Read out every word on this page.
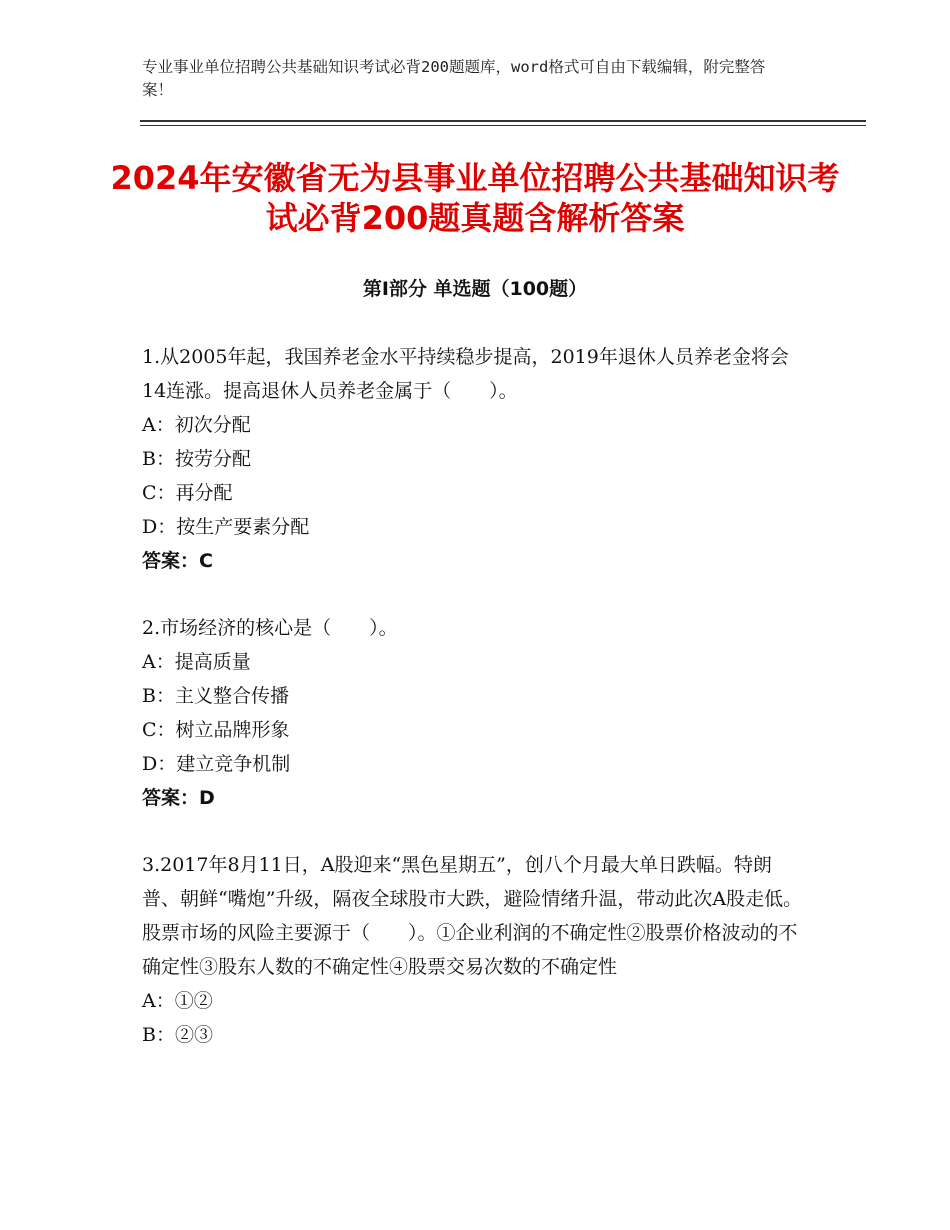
专业事业单位招聘公共基础知识考试必背200题题库，word格式可自由下载编辑，附完整答案！
2024年安徽省无为县事业单位招聘公共基础知识考试必背200题真题含解析答案
第Ⅰ部分 单选题（100题）

1.从2005年起，我国养老金水平持续稳步提高，2019年退休人员养老金将会14连涨。提高退休人员养老金属于（　　）。

A：初次分配

B：按劳分配

C：再分配

D：按生产要素分配

答案：C

2.市场经济的核心是（　　）。

A：提高质量

B：主义整合传播

C：树立品牌形象

D：建立竞争机制

答案：D

3.2017年8月11日，A股迎来“黑色星期五”，创八个月最大单日跌幅。特朗普、朝鲜“嘴炮”升级，隔夜全球股市大跌，避险情绪升温，带动此次A股走低。股票市场的风险主要源于（　　）。①企业利润的不确定性②股票价格波动的不确定性③股东人数的不确定性④股票交易次数的不确定性

A：①②

B：②③
